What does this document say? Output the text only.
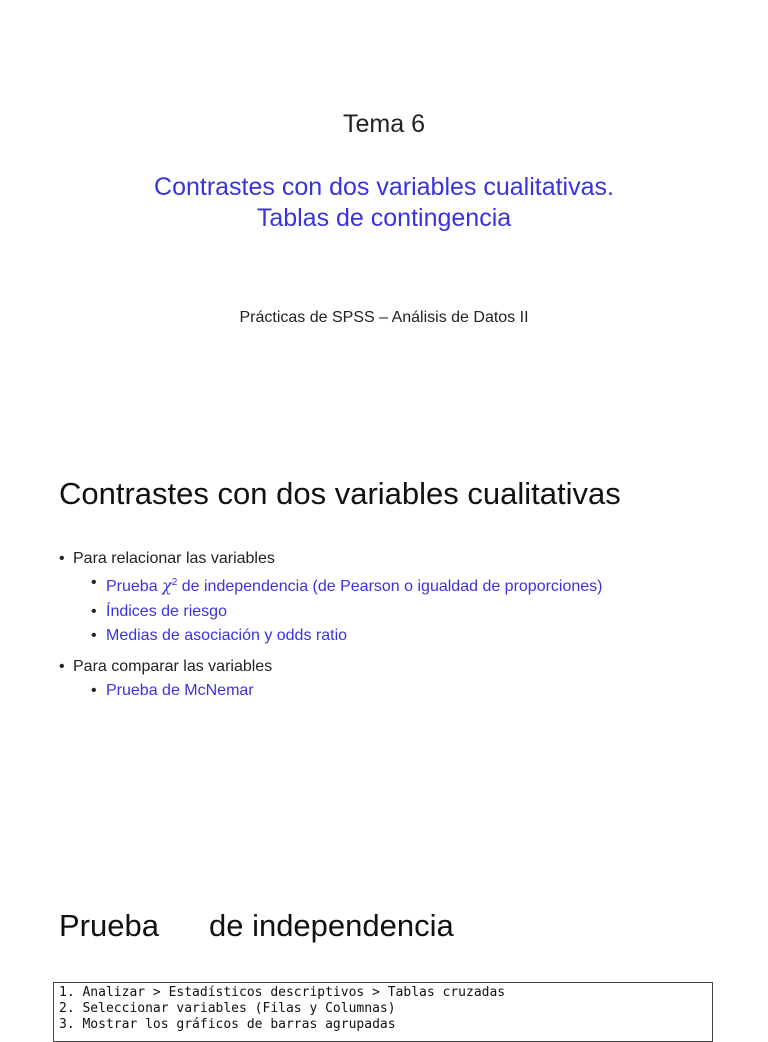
Tema 6
Contrastes con dos variables cualitativas.
Tablas de contingencia
Prácticas de SPSS – Análisis de Datos II
Contrastes con dos variables cualitativas
• Para relacionar las variables
• Prueba $\chi^2$ de independencia (de Pearson o igualdad de proporciones)
• Índices de riesgo
• Medias de asociación y odds ratio
• Para comparar las variables
• Prueba de McNemar
Prueba de independencia
1. Analizar > Estadísticos descriptivos > Tablas cruzadas
2. Seleccionar variables (Filas y Columnas)
3. Mostrar los gráficos de barras agrupadas
